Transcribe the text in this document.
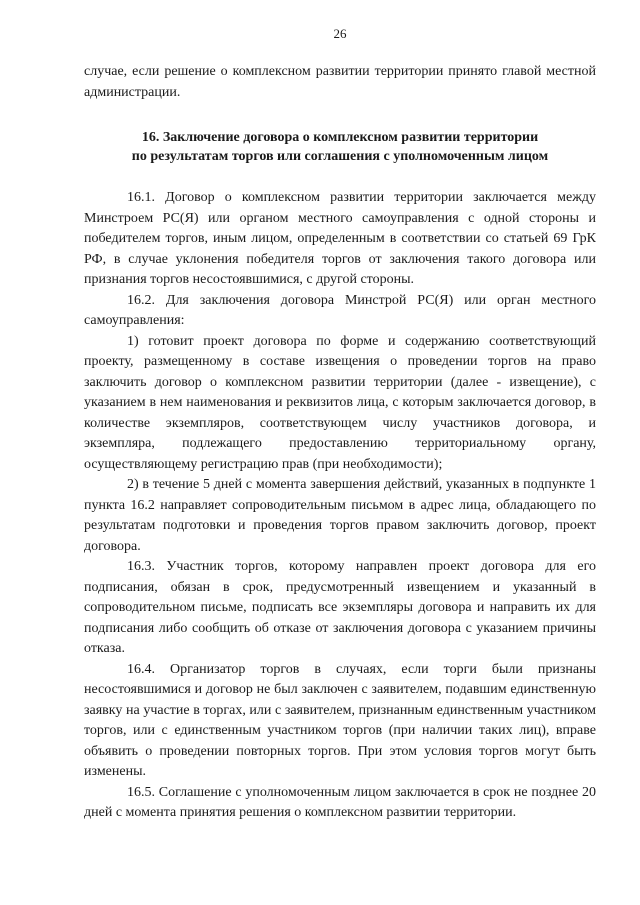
26

случае, если решение о комплексном развитии территории принято главой местной администрации.

16. Заключение договора о комплексном развитии территории
по результатам торгов или соглашения с уполномоченным лицом

16.1. Договор о комплексном развитии территории заключается между Минстроем РС(Я) или органом местного самоуправления с одной стороны и победителем торгов, иным лицом, определенным в соответствии со статьей 69 ГрК РФ, в случае уклонения победителя торгов от заключения такого договора или признания торгов несостоявшимися, с другой стороны.

16.2. Для заключения договора Минстрой РС(Я) или орган местного самоуправления:

1) готовит проект договора по форме и содержанию соответствующий проекту, размещенному в составе извещения о проведении торгов на право заключить договор о комплексном развитии территории (далее - извещение), с указанием в нем наименования и реквизитов лица, с которым заключается договор, в количестве экземпляров, соответствующем числу участников договора, и экземпляра, подлежащего предоставлению территориальному органу, осуществляющему регистрацию прав (при необходимости);

2) в течение 5 дней с момента завершения действий, указанных в подпункте 1 пункта 16.2 направляет сопроводительным письмом в адрес лица, обладающего по результатам подготовки и проведения торгов правом заключить договор, проект договора.

16.3. Участник торгов, которому направлен проект договора для его подписания, обязан в срок, предусмотренный извещением и указанный в сопроводительном письме, подписать все экземпляры договора и направить их для подписания либо сообщить об отказе от заключения договора с указанием причины отказа.

16.4. Организатор торгов в случаях, если торги были признаны несостоявшимися и договор не был заключен с заявителем, подавшим единственную заявку на участие в торгах, или с заявителем, признанным единственным участником торгов, или с единственным участником торгов (при наличии таких лиц), вправе объявить о проведении повторных торгов. При этом условия торгов могут быть изменены.

16.5. Соглашение с уполномоченным лицом заключается в срок не позднее 20 дней с момента принятия решения о комплексном развитии территории.
